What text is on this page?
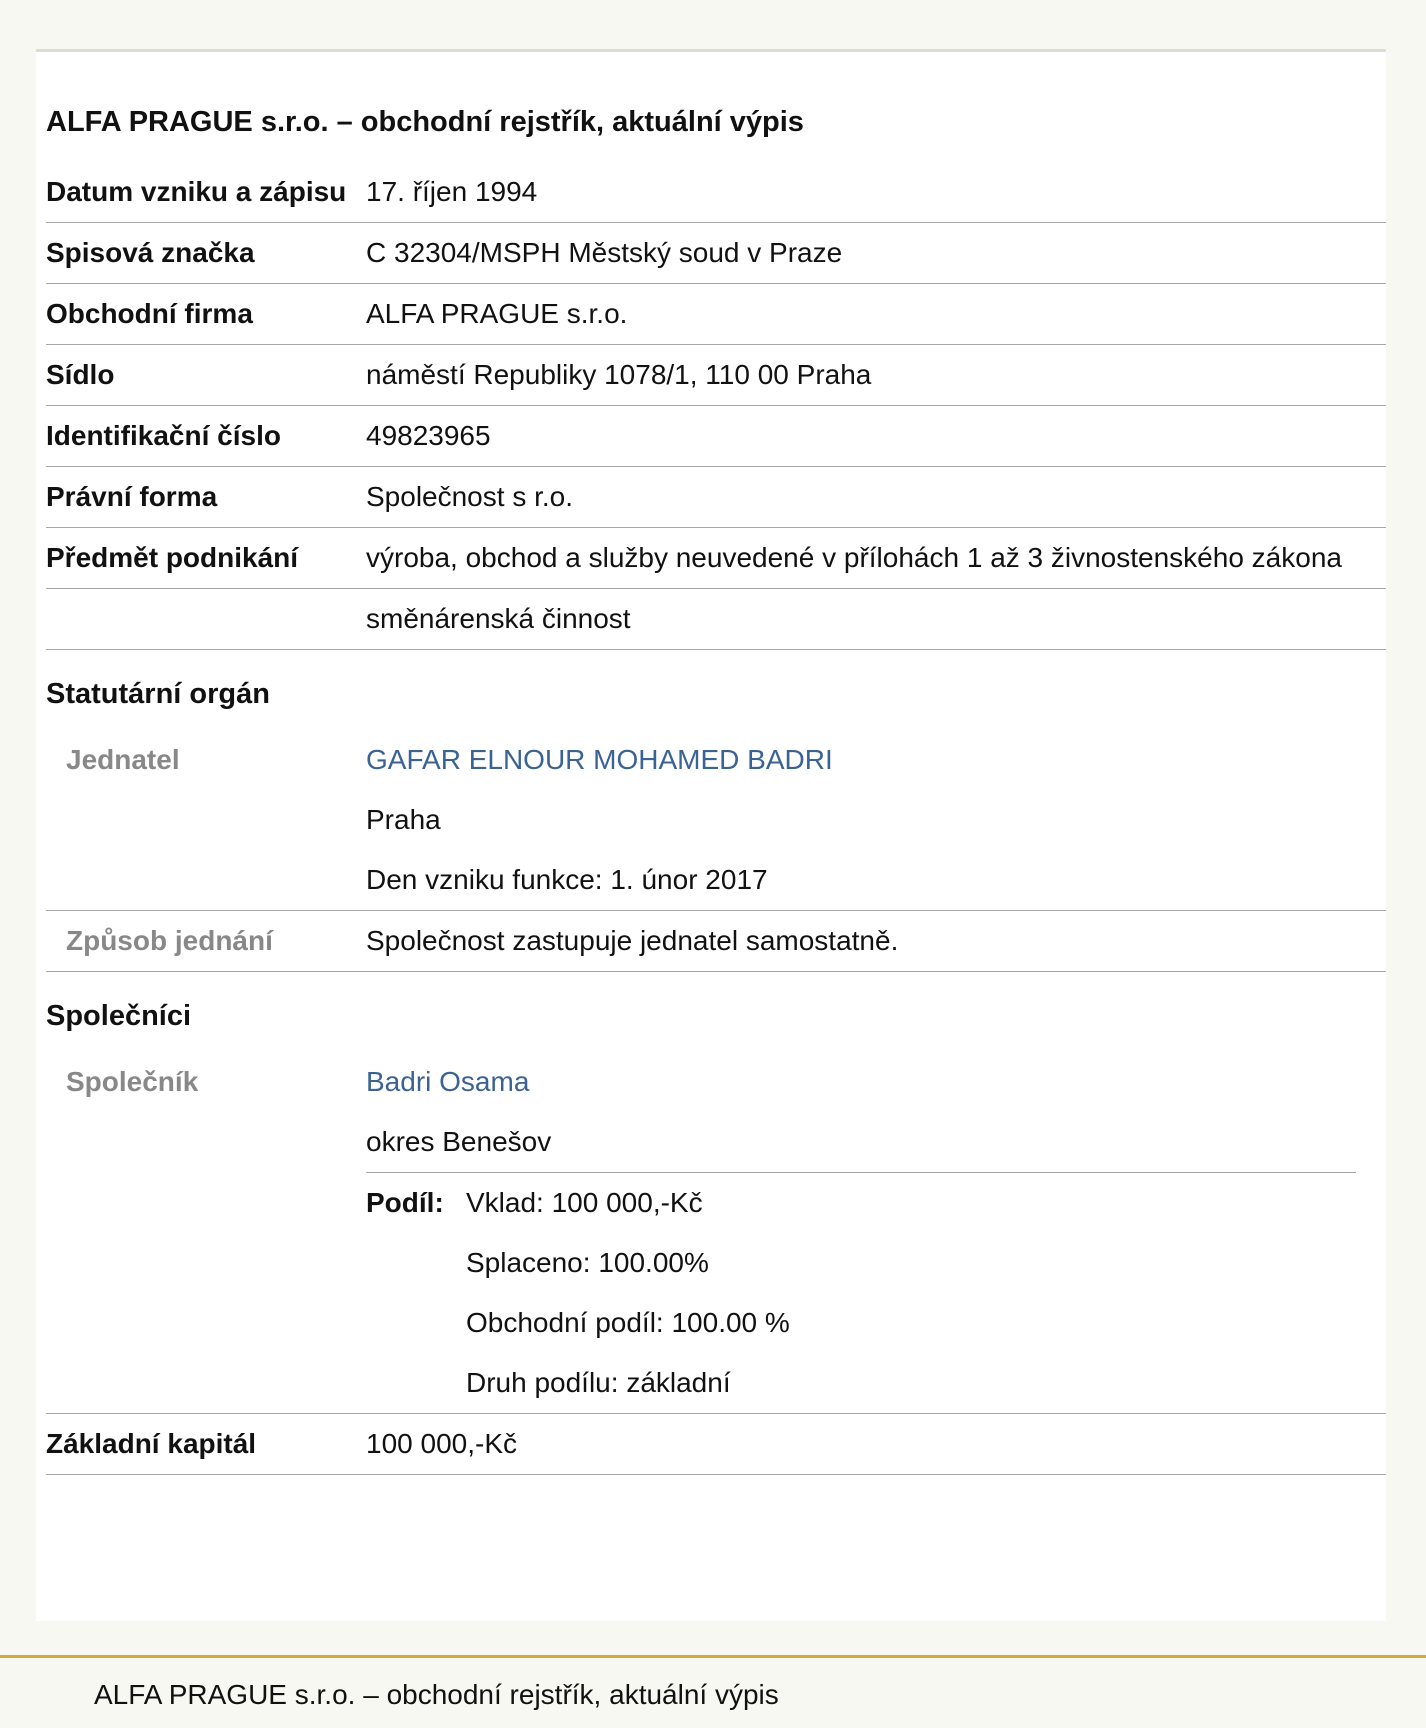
ALFA PRAGUE s.r.o. – obchodní rejstřík, aktuální výpis
Datum vzniku a zápisu 17. říjen 1994
Spisová značka	C 32304/MSPH Městský soud v Praze
Obchodní firma	ALFA PRAGUE s.r.o.
Sídlo	náměstí Republiky 1078/1, 110 00 Praha
Identifikační číslo	49823965
Právní forma	Společnost s r.o.
Předmět podnikání	výroba, obchod a služby neuvedené v přílohách 1 až 3 živnostenského zákona
směnárenská činnost
Statutární orgán
Jednatel	GAFAR ELNOUR MOHAMED BADRI
Praha
Den vzniku funkce: 1. únor 2017
Způsob jednání	Společnost zastupuje jednatel samostatně.
Společníci
Společník	Badri Osama
okres Benešov
Podíl: Vklad: 100 000,-Kč
Splaceno: 100.00%
Obchodní podíl: 100.00 %
Druh podílu: základní
Základní kapitál	100 000,-Kč
ALFA PRAGUE s.r.o. – obchodní rejstřík, aktuální výpis
